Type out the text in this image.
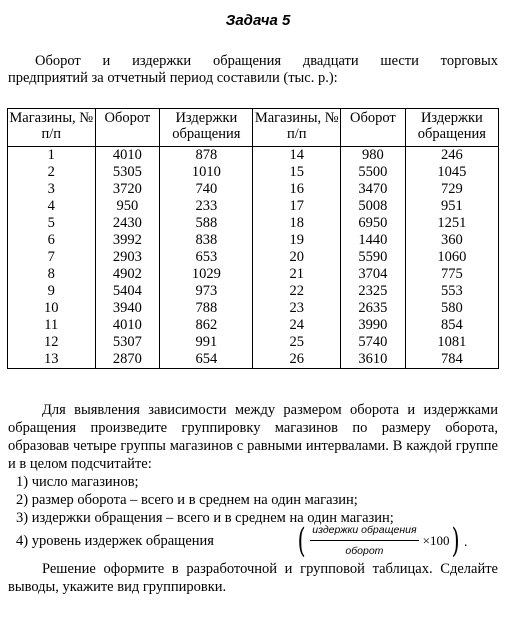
Задача 5
Оборот и издержки обращения двадцати шести торговых
предприятий за отчетный период составили (тыс. р.):
Магазины, № п/п	Оборот	Издержки обращения	Магазины, № п/п	Оборот	Издержки обращения
1	4010	878	14	980	246
2	5305	1010	15	5500	1045
3	3720	740	16	3470	729
4	950	233	17	5008	951
5	2430	588	18	6950	1251
6	3992	838	19	1440	360
7	2903	653	20	5590	1060
8	4902	1029	21	3704	775
9	5404	973	22	2325	553
10	3940	788	23	2635	580
11	4010	862	24	3990	854
12	5307	991	25	5740	1081
13	2870	654	26	3610	784
Для выявления зависимости между размером оборота и издержками обращения произведите группировку магазинов по размеру оборота, образовав четыре группы магазинов с равными интервалами. В каждой группе и в целом подсчитайте:
1) число магазинов;
2) размер оборота – всего и в среднем на один магазин;
3) издержки обращения – всего и в среднем на один магазин;
4) уровень издержек обращения ( $\frac{\text{издержки обращения}}{\text{оборот}} \times 100$ ) .
Решение оформите в разработочной и групповой таблицах. Сделайте выводы, укажите вид группировки.
